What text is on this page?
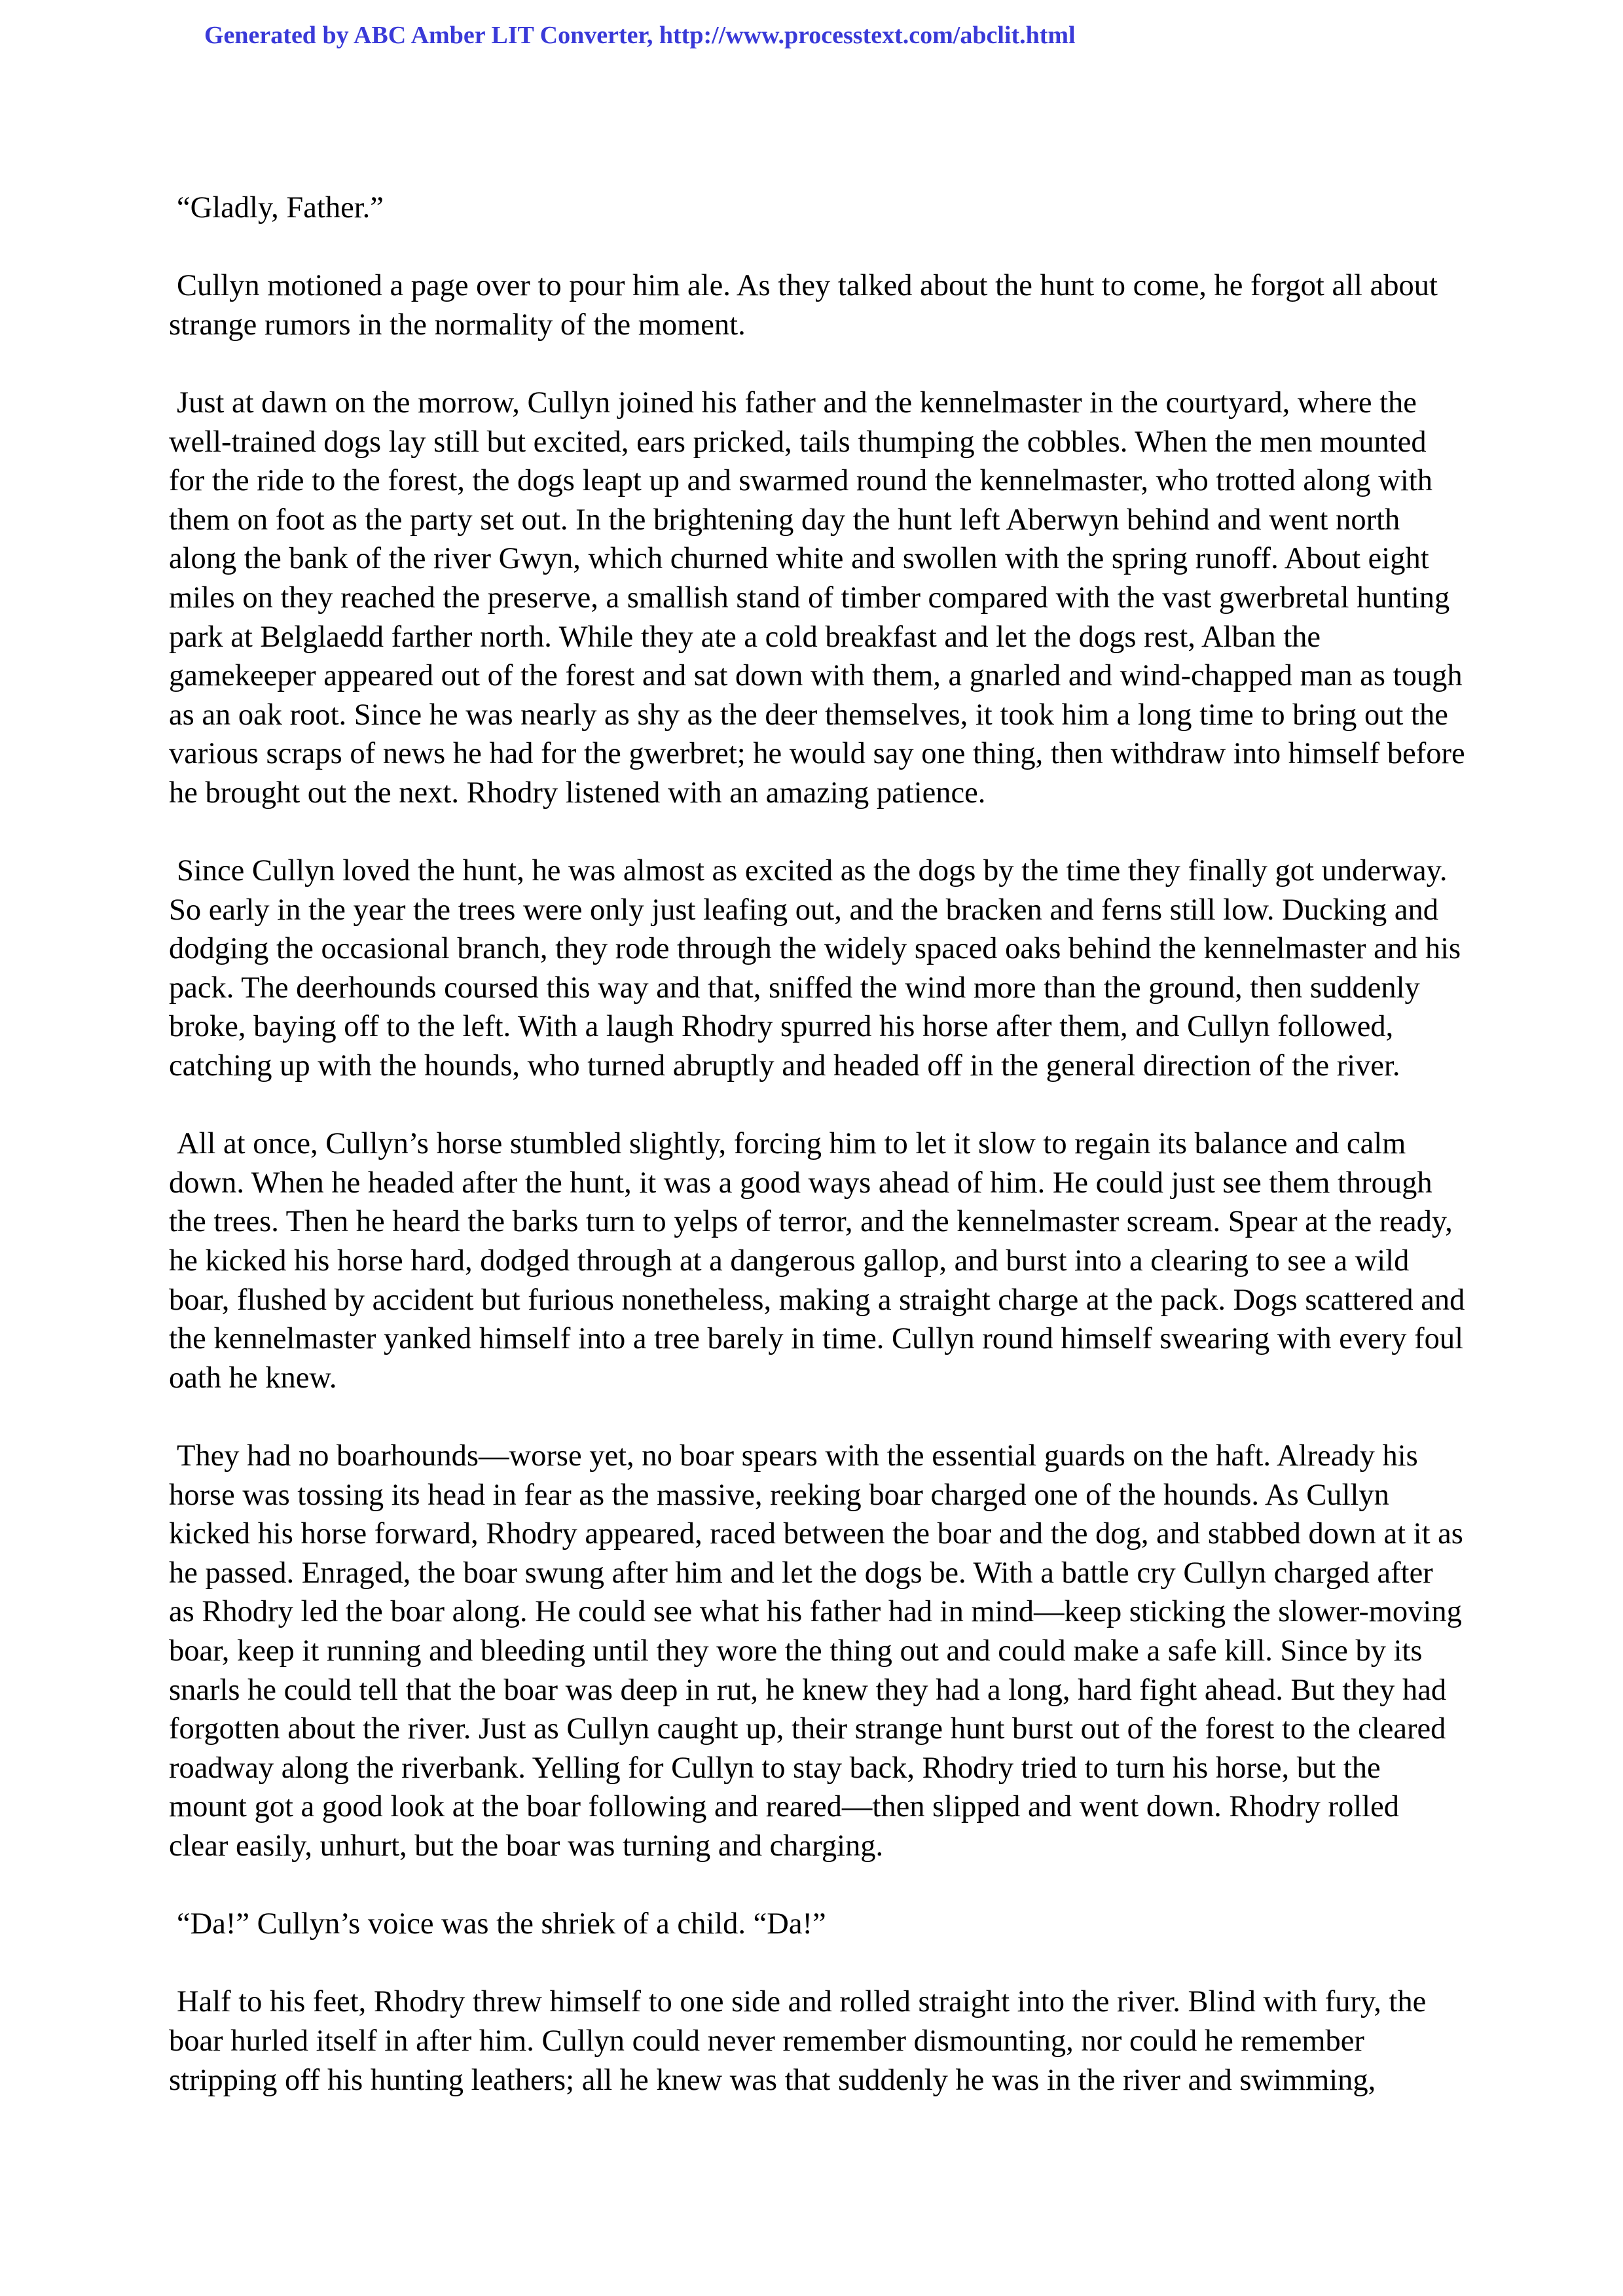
Generated by ABC Amber LIT Converter, http://www.processtext.com/abclit.html

“Gladly, Father.”

Cullyn motioned a page over to pour him ale. As they talked about the hunt to come, he forgot all about strange rumors in the normality of the moment.

Just at dawn on the morrow, Cullyn joined his father and the kennelmaster in the courtyard, where the well-trained dogs lay still but excited, ears pricked, tails thumping the cobbles. When the men mounted for the ride to the forest, the dogs leapt up and swarmed round the kennelmaster, who trotted along with them on foot as the party set out. In the brightening day the hunt left Aberwyn behind and went north along the bank of the river Gwyn, which churned white and swollen with the spring runoff. About eight miles on they reached the preserve, a smallish stand of timber compared with the vast gwerbretal hunting park at Belglaedd farther north. While they ate a cold breakfast and let the dogs rest, Alban the gamekeeper appeared out of the forest and sat down with them, a gnarled and wind-chapped man as tough as an oak root. Since he was nearly as shy as the deer themselves, it took him a long time to bring out the various scraps of news he had for the gwerbret; he would say one thing, then withdraw into himself before he brought out the next. Rhodry listened with an amazing patience.

Since Cullyn loved the hunt, he was almost as excited as the dogs by the time they finally got underway. So early in the year the trees were only just leafing out, and the bracken and ferns still low. Ducking and dodging the occasional branch, they rode through the widely spaced oaks behind the kennelmaster and his pack. The deerhounds coursed this way and that, sniffed the wind more than the ground, then suddenly broke, baying off to the left. With a laugh Rhodry spurred his horse after them, and Cullyn followed, catching up with the hounds, who turned abruptly and headed off in the general direction of the river.

All at once, Cullyn’s horse stumbled slightly, forcing him to let it slow to regain its balance and calm down. When he headed after the hunt, it was a good ways ahead of him. He could just see them through the trees. Then he heard the barks turn to yelps of terror, and the kennelmaster scream. Spear at the ready, he kicked his horse hard, dodged through at a dangerous gallop, and burst into a clearing to see a wild boar, flushed by accident but furious nonetheless, making a straight charge at the pack. Dogs scattered and the kennelmaster yanked himself into a tree barely in time. Cullyn round himself swearing with every foul oath he knew.

They had no boarhounds—worse yet, no boar spears with the essential guards on the haft. Already his horse was tossing its head in fear as the massive, reeking boar charged one of the hounds. As Cullyn kicked his horse forward, Rhodry appeared, raced between the boar and the dog, and stabbed down at it as he passed. Enraged, the boar swung after him and let the dogs be. With a battle cry Cullyn charged after as Rhodry led the boar along. He could see what his father had in mind—keep sticking the slower-moving boar, keep it running and bleeding until they wore the thing out and could make a safe kill. Since by its snarls he could tell that the boar was deep in rut, he knew they had a long, hard fight ahead. But they had forgotten about the river. Just as Cullyn caught up, their strange hunt burst out of the forest to the cleared roadway along the riverbank. Yelling for Cullyn to stay back, Rhodry tried to turn his horse, but the mount got a good look at the boar following and reared—then slipped and went down. Rhodry rolled clear easily, unhurt, but the boar was turning and charging.

“Da!” Cullyn’s voice was the shriek of a child. “Da!”

Half to his feet, Rhodry threw himself to one side and rolled straight into the river. Blind with fury, the boar hurled itself in after him. Cullyn could never remember dismounting, nor could he remember stripping off his hunting leathers; all he knew was that suddenly he was in the river and swimming,
